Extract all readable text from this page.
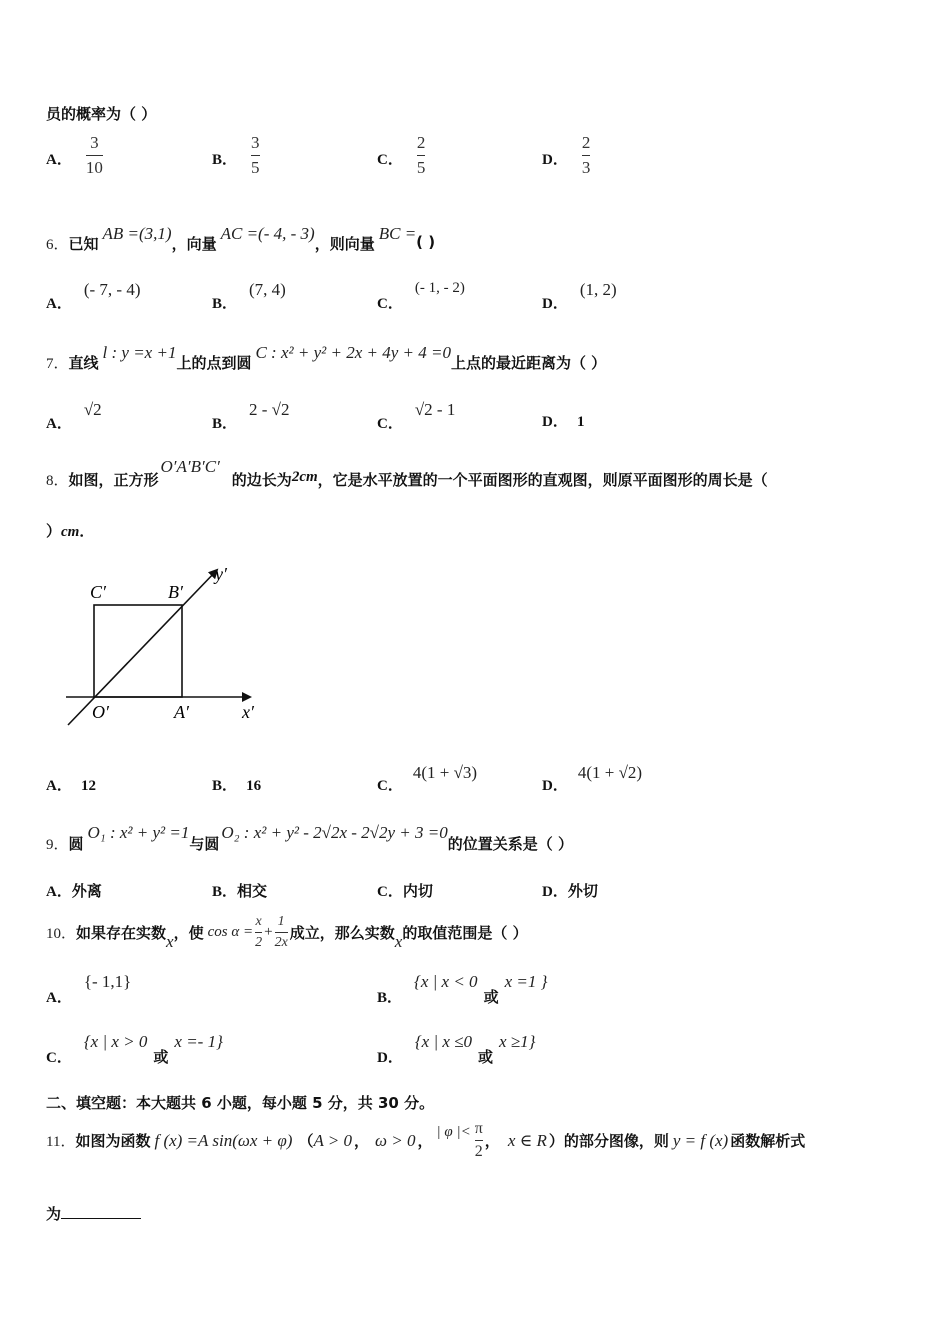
员的概率为（ ）
A． $\frac{3}{10}$	B． $\frac{3}{5}$	C． $\frac{2}{5}$	D． $\frac{2}{3}$
6． 已知
AB =(3,1)
，向量
AC =(- 4, - 3)
，则向量
BC = ( )
A．
(- 7, - 4)
B．
(7, 4)
C．
(- 1, - 2)
D．
(1, 2)
7． 直线
l : y =x +1
上的点到圆
C : x² + y² + 2x + 4y + 4 =0
上点的最近距离为（ ）
A．
√2
B．
2 - √2
C．
√2 - 1
D． 1
8． 如图，正方形
O′A′B′C′
的边长为 2cm ，它是水平放置的一个平面图形的直观图，则原平面图形的周长是（
）cm．
C′	B′
y′
O′	A′	x′
A． 12	B． 16	C．
4(1 + √3)
D．
4(1 + √2)
9． 圆
O₁ : x² + y² =1
与圆
O₂ : x² + y² - 2√2x - 2√2y + 3 =0
的位置关系是（ ）
A．外离	B．相交	C．内切	D．外切
10． 如果存在实数 x ，使 $\cos \alpha = \frac{x}{2} + \frac{1}{2x}$ 成立，那么实数 x 的取值范围是（ ）
A．
{- 1,1}
B．
{x | x < 0
或
x =1 }
C．
{x | x > 0
或
x =- 1}
D．
{x | x ≤0
或
x ≥1}
二、填空题：本大题共 6 小题，每小题 5 分，共 30 分。
11． 如图为函数 f (x) =A sin(ωx + φ) （ A > 0 ， ω > 0 ， | φ |< $\frac{\pi}{2}$ ， x ∈ R ）的部分图像，则 y = f (x) 函数解析式
为
